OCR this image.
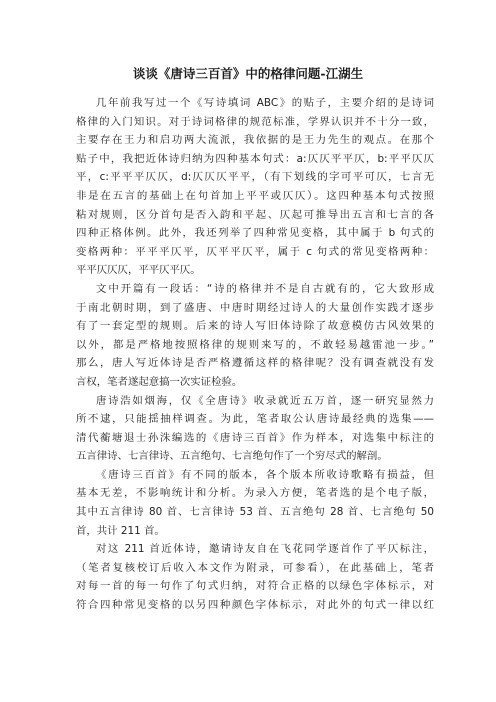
谈谈《唐诗三百首》中的格律问题-江湖生
几年前我写过一个《写诗填词 ABC》的贴子，主要介绍的是诗词
格律的入门知识。对于诗词格律的规范标准，学界认识并不十分一致，
主要存在王力和启功两大流派，我依据的是王力先生的观点。在那个
贴子中，我把近体诗归纳为四种基本句式：a:仄仄平平仄，b:平平仄仄
平，c:平平平仄仄，d:仄仄仄平平，（有下划线的字可平可仄，七言无
非是在五言的基础上在句首加上平平或仄仄）。这四种基本句式按照
粘对规则，区分首句是否入韵和平起、仄起可推导出五言和七言的各
四种正格体例。此外，我还列举了四种常见变格，其中属于 b 句式的
变格两种：平平平仄平，仄平平仄平，属于 c 句式的常见变格两种：
平平仄仄仄，平平仄平仄。
文中开篇有一段话：“诗的格律并不是自古就有的，它大致形成
于南北朝时期，到了盛唐、中唐时期经过诗人的大量创作实践才逐步
有了一套定型的规则。后来的诗人写旧体诗除了故意模仿古风效果的
以外，都是严格地按照格律的规则来写的，不敢轻易越雷池一步。”
那么，唐人写近体诗是否严格遵循这样的格律呢？没有调查就没有发
言权，笔者遂起意搞一次实证检验。
唐诗浩如烟海，仅《全唐诗》收录就近五万首，逐一研究显然力
所不逮，只能揺抽样调查。为此，笔者取公认唐诗最经典的选集——
清代蘅塘退士孙洙编选的《唐诗三百首》作为样本，对选集中标注的
五言律诗、七言律诗、五言绝句、七言绝句作了一个穷尽式的解剖。
《唐诗三百首》有不同的版本，各个版本所收诗歌略有损益，但
基本无差，不影响统计和分析。为录入方便，笔者选的是个电子版，
其中五言律诗 80 首、七言律诗 53 首、五言绝句 28 首、七言绝句 50
首，共计 211 首。
对这 211 首近体诗，邀请诗友自在飞花同学逐首作了平仄标注，
（笔者复核校订后收入本文作为附录，可参看），在此基础上，笔者
对每一首的每一句作了句式归纳，对符合正格的以绿色字体标示，对
符合四种常见变格的以另四种颜色字体标示，对此外的句式一律以红
